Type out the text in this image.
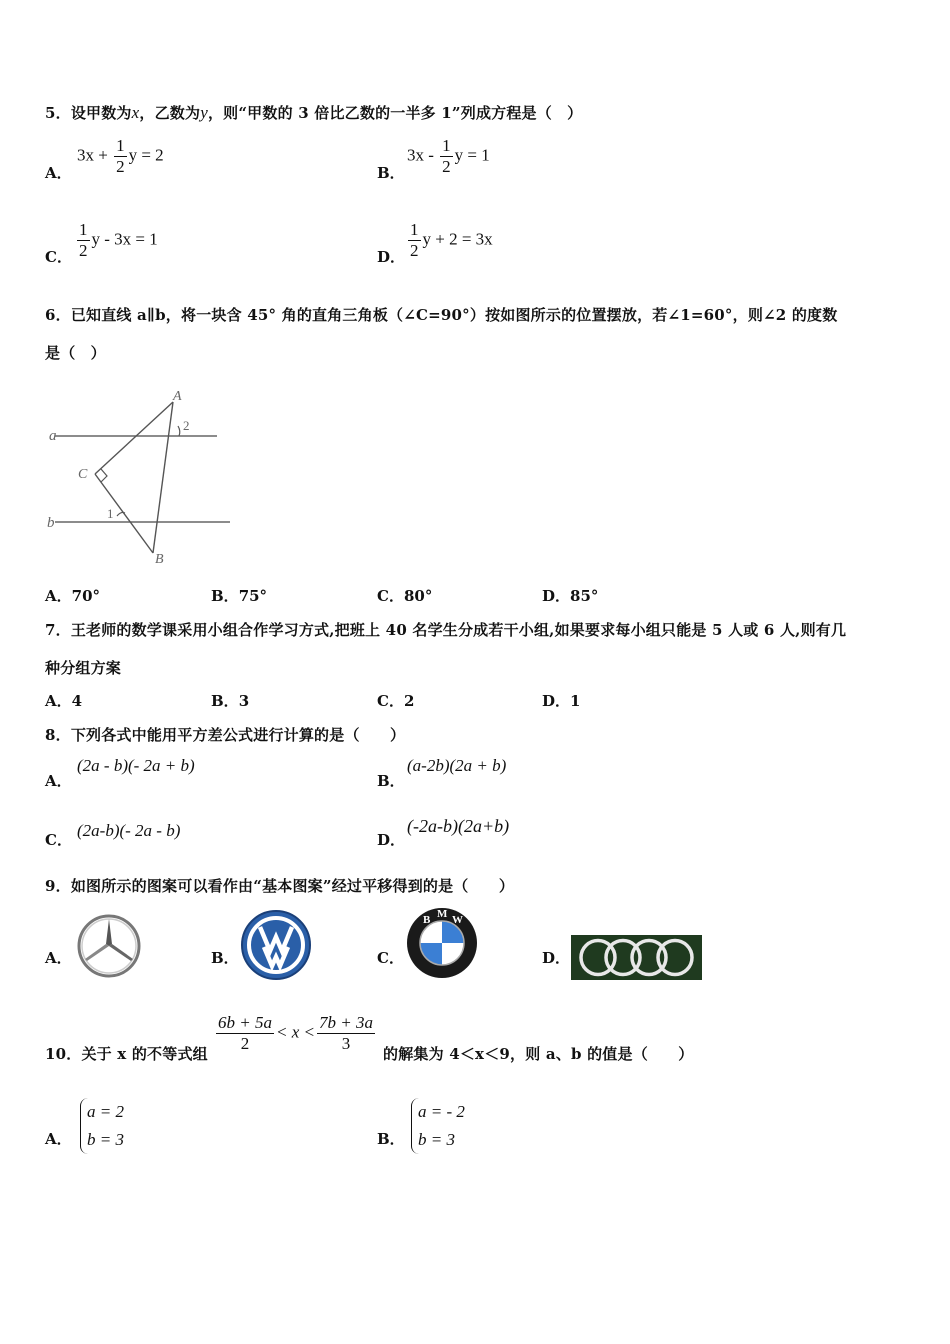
5．设甲数为x，乙数为y，则“甲数的 3 倍比乙数的一半多 1”列成方程是（　）
A．
$3x + \frac{1}{2}$ y = 2
B．
$3x - \frac{1}{2}$ y = 1
C． $\frac{1}{2}$ y - 3x = 1
D． $\frac{1}{2}$ y + 2 = 3x
6．已知直线 a∥b，将一块含 45° 角的直角三角板（∠C=90°）按如图所示的位置摆放，若∠1=60°，则∠2 的度数
是（　）
a
b
A
B
C
1
2
A．70°	B．75°	C．80°	D．85°
7．王老师的数学课采用小组合作学习方式,把班上 40 名学生分成若干小组,如果要求每小组只能是 5 人或 6 人,则有几
种分组方案
A．4	B．3	C．2	D．1
8．下列各式中能用平方差公式进行计算的是（　　）
A．
(2a - b)(- 2a + b)
B．
(a-2b)(2a + b)
C． (2a-b)(- 2a - b)	D．
(-2a-b)(2a+b)
9．如图所示的图案可以看作由“基本图案”经过平移得到的是（　　）
A．	B．	C．
B M W
D．
10．关于 x 的不等式组 $\frac{6b + 5a}{2} < x < \frac{7b + 3a}{3}$ 的解集为 4＜x＜9，则 a、b 的值是（　　）
A．
a = 2
b = 3	B．
a = - 2
b = 3
